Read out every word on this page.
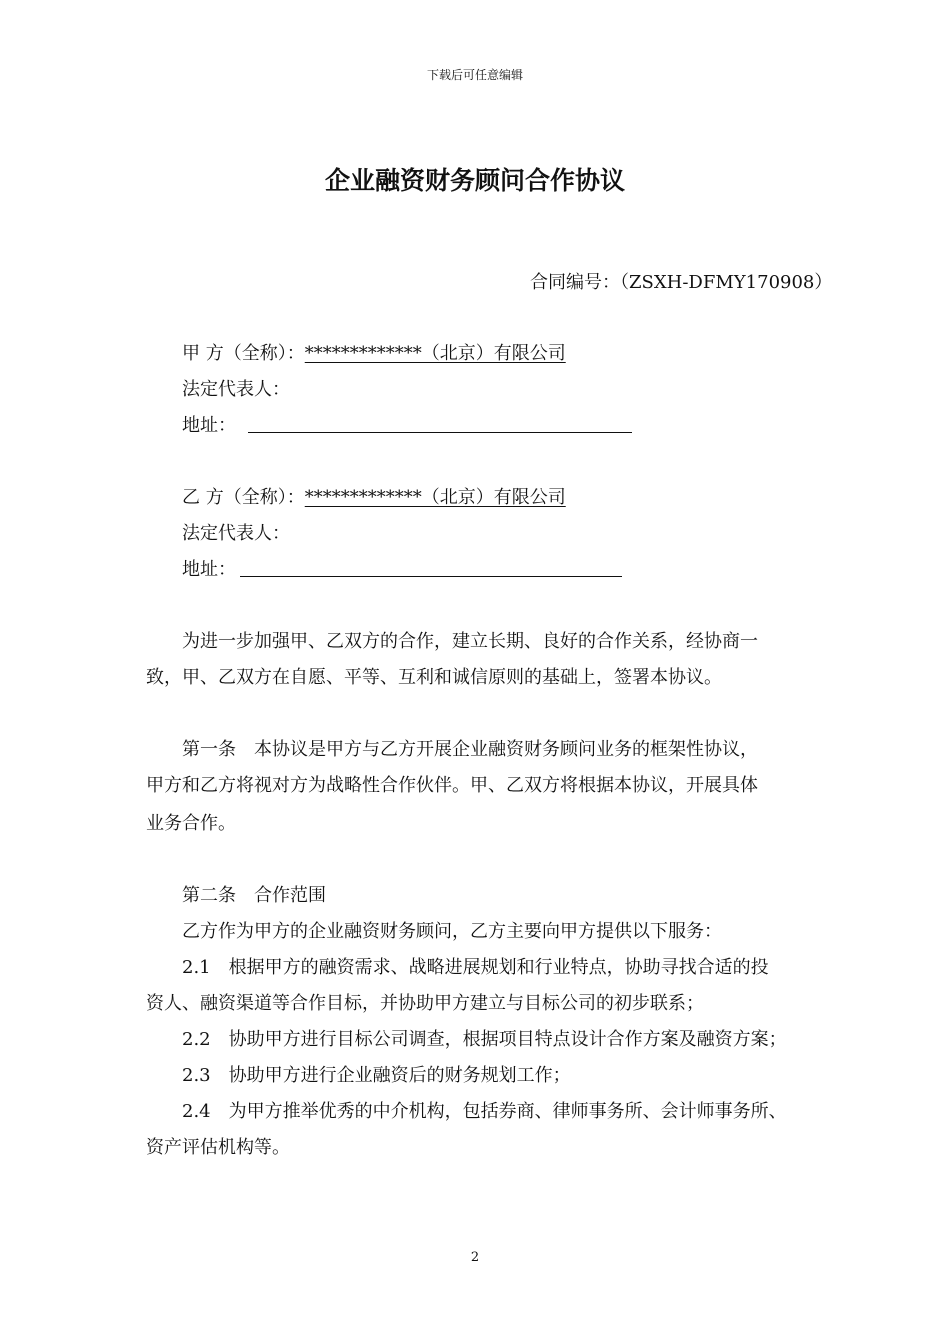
下载后可任意编辑
企业融资财务顾问合作协议
合同编号：（ZSXH-DFMY170908）
甲 方（全称）：*************（北京）有限公司
法定代表人：
地址：
乙 方（全称）：*************（北京）有限公司
法定代表人：
地址：
为进一步加强甲、乙双方的合作，建立长期、良好的合作关系，经协商一
致，甲、乙双方在自愿、平等、互利和诚信原则的基础上，签署本协议。
第一条　本协议是甲方与乙方开展企业融资财务顾问业务的框架性协议，
甲方和乙方将视对方为战略性合作伙伴。甲、乙双方将根据本协议，开展具体
业务合作。
第二条　合作范围
乙方作为甲方的企业融资财务顾问，乙方主要向甲方提供以下服务：
2.1　根据甲方的融资需求、战略进展规划和行业特点，协助寻找合适的投
资人、融资渠道等合作目标，并协助甲方建立与目标公司的初步联系；
2.2　协助甲方进行目标公司调查，根据项目特点设计合作方案及融资方案；
2.3　协助甲方进行企业融资后的财务规划工作；
2.4　为甲方推举优秀的中介机构，包括券商、律师事务所、会计师事务所、
资产评估机构等。
2
